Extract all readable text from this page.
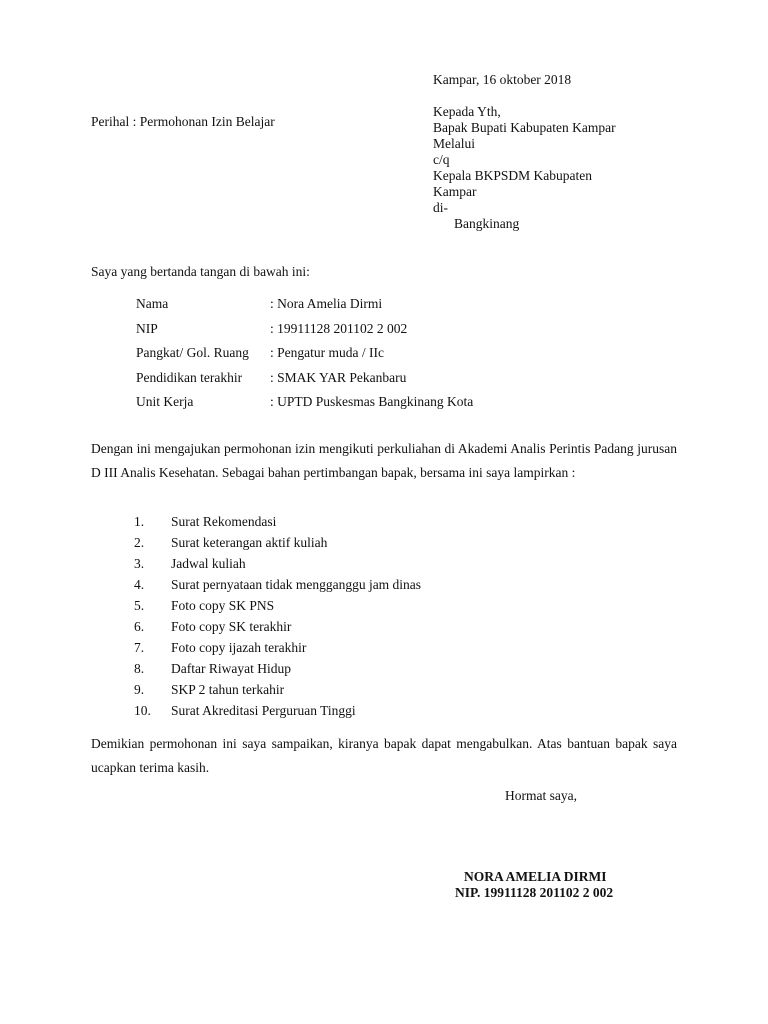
Kampar, 16 oktober 2018
Perihal : Permohonan Izin Belajar
Kepada Yth,
Bapak Bupati Kabupaten Kampar
Melalui
c/q
Kepala BKPSDM Kabupaten
Kampar
di-
Bangkinang
Saya yang bertanda tangan di bawah ini:
Nama	: Nora Amelia Dirmi
NIP	: 19911128 201102 2 002
Pangkat/ Gol. Ruang : Pengatur muda / IIc
Pendidikan terakhir : SMAK YAR Pekanbaru
Unit Kerja	: UPTD Puskesmas Bangkinang Kota
Dengan ini mengajukan permohonan izin mengikuti perkuliahan di Akademi Analis Perintis Padang jurusan D III Analis Kesehatan. Sebagai bahan pertimbangan bapak, bersama ini saya lampirkan :
1. Surat Rekomendasi
2. Surat keterangan aktif kuliah
3. Jadwal kuliah
4. Surat pernyataan tidak mengganggu jam dinas
5. Foto copy SK PNS
6. Foto copy SK terakhir
7. Foto copy ijazah terakhir
8. Daftar Riwayat Hidup
9. SKP 2 tahun terkahir
10. Surat Akreditasi Perguruan Tinggi
Demikian permohonan ini saya sampaikan, kiranya bapak dapat mengabulkan. Atas bantuan bapak saya ucapkan terima kasih.
Hormat saya,
NORA AMELIA DIRMI
NIP. 19911128 201102 2 002
